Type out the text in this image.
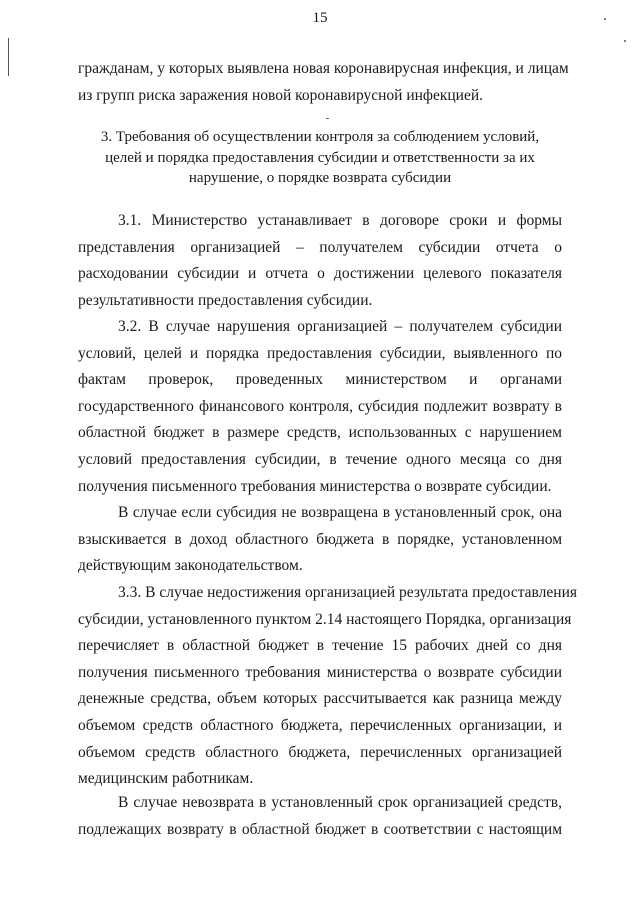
15

гражданам, у которых выявлена новая коронавирусная инфекция, и лицам
из групп риска заражения новой коронавирусной инфекцией.

3. Требования об осуществлении контроля за соблюдением условий,
целей и порядка предоставления субсидии и ответственности за их
нарушение, о порядке возврата субсидии

3.1. Министерство устанавливает в договоре сроки и формы
представления организацией – получателем субсидии отчета о
расходовании субсидии и отчета о достижении целевого показателя
результативности предоставления субсидии.

3.2. В случае нарушения организацией – получателем субсидии
условий, целей и порядка предоставления субсидии, выявленного по
фактам проверок, проведенных министерством и органами
государственного финансового контроля, субсидия подлежит возврату в
областной бюджет в размере средств, использованных с нарушением
условий предоставления субсидии, в течение одного месяца со дня
получения письменного требования министерства о возврате субсидии.

В случае если субсидия не возвращена в установленный срок, она
взыскивается в доход областного бюджета в порядке, установленном
действующим законодательством.

3.3. В случае недостижения организацией результата предоставления
субсидии, установленного пунктом 2.14 настоящего Порядка, организация
перечисляет в областной бюджет в течение 15 рабочих дней со дня
получения письменного требования министерства о возврате субсидии
денежные средства, объем которых рассчитывается как разница между
объемом средств областного бюджета, перечисленных организации, и
объемом средств областного бюджета, перечисленных организацией
медицинским работникам.

В случае невозврата в установленный срок организацией средств,
подлежащих возврату в областной бюджет в соответствии с настоящим
